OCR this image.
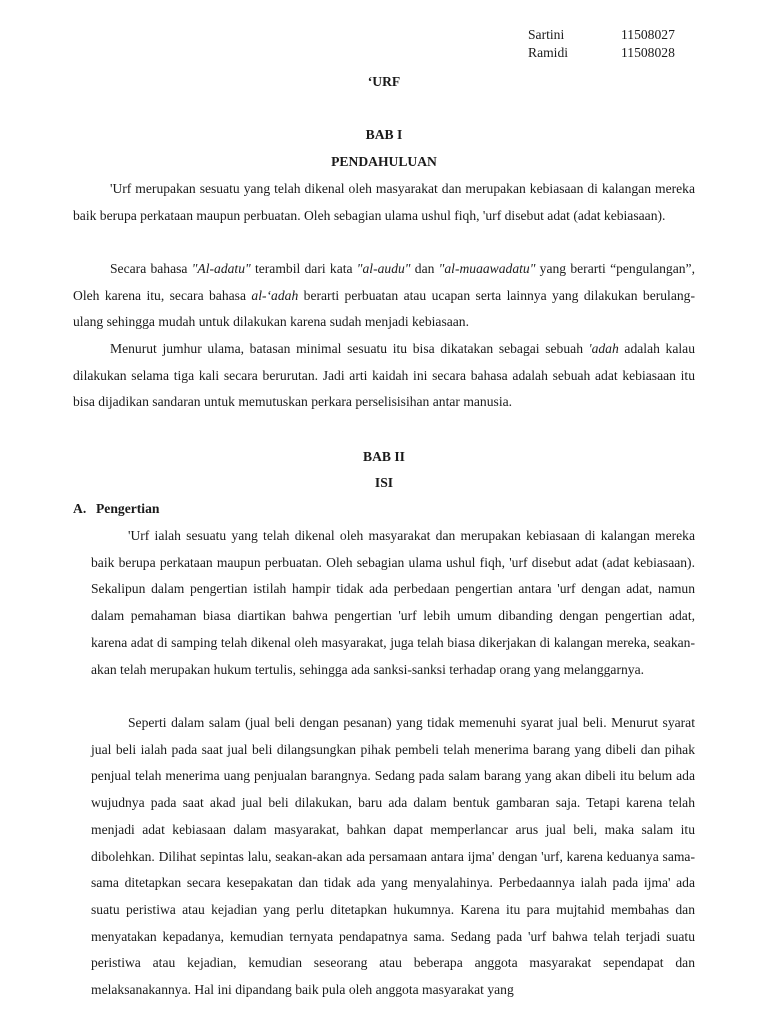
Sartini	11508027
Ramidi	11508028
‘URF
BAB I
PENDAHULUAN

'Urf merupakan sesuatu yang telah dikenal oleh masyarakat dan merupakan kebiasaan di kalangan mereka baik berupa perkataan maupun perbuatan. Oleh sebagian ulama ushul fiqh, 'urf disebut adat (adat kebiasaan).

Secara bahasa "Al-adatu" terambil dari kata "al-audu" dan "al-muaawadatu" yang berarti “pengulangan”, Oleh karena itu, secara bahasa al-‘adah berarti perbuatan atau ucapan serta lainnya yang dilakukan berulang-ulang sehingga mudah untuk dilakukan karena sudah menjadi kebiasaan.

Menurut jumhur ulama, batasan minimal sesuatu itu bisa dikatakan sebagai sebuah 'adah adalah kalau dilakukan selama tiga kali secara berurutan. Jadi arti kaidah ini secara bahasa adalah sebuah adat kebiasaan itu bisa dijadikan sandaran untuk memutuskan perkara perselisisihan antar manusia.

BAB II
ISI
A. Pengertian

'Urf ialah sesuatu yang telah dikenal oleh masyarakat dan merupakan kebiasaan di kalangan mereka baik berupa perkataan maupun perbuatan. Oleh sebagian ulama ushul fiqh, 'urf disebut adat (adat kebiasaan). Sekalipun dalam pengertian istilah hampir tidak ada perbedaan pengertian antara 'urf dengan adat, namun dalam pemahaman biasa diartikan bahwa pengertian 'urf lebih umum dibanding dengan pengertian adat, karena adat di samping telah dikenal oleh masyarakat, juga telah biasa dikerjakan di kalangan mereka, seakan-akan telah merupakan hukum tertulis, sehingga ada sanksi-sanksi terhadap orang yang melanggarnya.

Seperti dalam salam (jual beli dengan pesanan) yang tidak memenuhi syarat jual beli. Menurut syarat jual beli ialah pada saat jual beli dilangsungkan pihak pembeli telah menerima barang yang dibeli dan pihak penjual telah menerima uang penjualan barangnya. Sedang pada salam barang yang akan dibeli itu belum ada wujudnya pada saat akad jual beli dilakukan, baru ada dalam bentuk gambaran saja. Tetapi karena telah menjadi adat kebiasaan dalam masyarakat, bahkan dapat memperlancar arus jual beli, maka salam itu dibolehkan. Dilihat sepintas lalu, seakan-akan ada persamaan antara ijma' dengan 'urf, karena keduanya sama-sama ditetapkan secara kesepakatan dan tidak ada yang menyalahinya. Perbedaannya ialah pada ijma' ada suatu peristiwa atau kejadian yang perlu ditetapkan hukumnya. Karena itu para mujtahid membahas dan menyatakan kepadanya, kemudian ternyata pendapatnya sama. Sedang pada 'urf bahwa telah terjadi suatu peristiwa atau kejadian, kemudian seseorang atau beberapa anggota masyarakat sependapat dan melaksanakannya. Hal ini dipandang baik pula oleh anggota masyarakat yang
